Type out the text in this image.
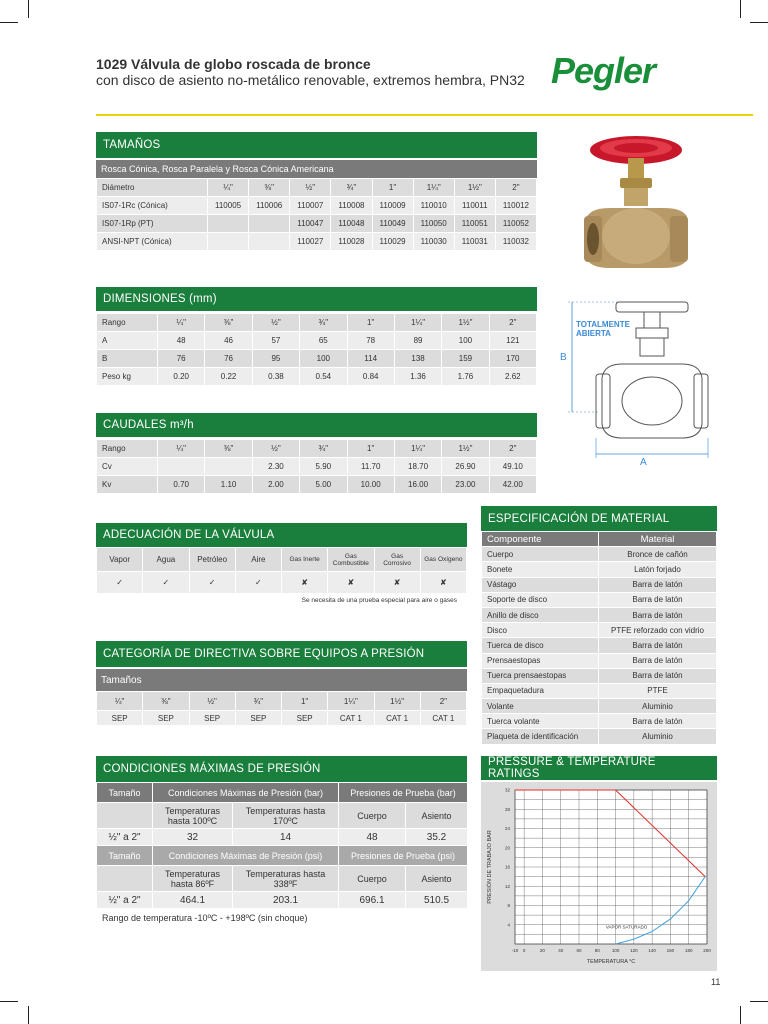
1029 Válvula de globo roscada de bronce
con disco de asiento no-metálico renovable, extremos hembra, PN32 Pegler
TAMAÑOS
Rosca Cónica, Rosca Paralela y Rosca Cónica Americana
Diámetro	¼"	⅜"	½"	¾"	1"	1¼"	1½"	2"
IS07-1Rc (Cónica)	110005	110006	110007	110008	110009	110010	110011	110012
IS07-1Rp (PT)			110047	110048	110049	110050	110051	110052
ANSI-NPT (Cónica)			110027	110028	110029	110030	110031	110032
DIMENSIONES (mm)
Rango	¼"	⅜"	½"	¾"	1"	1¼"	1½"	2"
A	48	46	57	65	78	89	100	121
B	76	76	95	100	114	138	159	170
Peso kg	0.20	0.22	0.38	0.54	0.84	1.36	1.76	2.62
CAUDALES m³/h
Rango	¼"	⅜"	½"	¾"	1"	1¼"	1½"	2"
Cv			2.30	5.90	11.70	18.70	26.90	49.10
Kv	0.70	1.10	2.00	5.00	10.00	16.00	23.00	42.00
ADECUACIÓN DE LA VÁLVULA
Vapor	Agua	Petróleo	Aire	Gas Inerte	Gas Combustible	Gas Corrosivo	Gas Oxígeno
✓	✓	✓	✓	✘	✘	✘	✘
Se necesita de una prueba especial para aire o gases
CATEGORÍA DE DIRECTIVA SOBRE EQUIPOS A PRESIÓN
Tamaños
¼"	⅜"	½"	¾"	1"	1¼"	1½"	2"
SEP	SEP	SEP	SEP	SEP	CAT 1	CAT 1	CAT 1
ESPECIFICACIÓN DE MATERIAL
Componente	Material
Cuerpo	Bronce de cañón
Bonete	Latón forjado
Vástago	Barra de latón
Soporte de disco	Barra de latón
Anillo de disco	Barra de latón
Disco	PTFE reforzado con vidrio
Tuerca de disco	Barra de latón
Prensaestopas	Barra de latón
Tuerca prensaestopas	Barra de latón
Empaquetadura	PTFE
Volante	Aluminio
Tuerca volante	Barra de latón
Plaqueta de identificación	Aluminio
CONDICIONES MÁXIMAS DE PRESIÓN
Tamaño	Condiciones Máximas de Presión (bar)		Presiones de Prueba (bar)	
	Temperaturas hasta 100ºC	Temperaturas hasta 170ºC	Cuerpo	Asiento
½" a 2"	32	14	48	35.2
Tamaño	Condiciones Máximas de Presión (psi)		Presiones de Prueba (psi)	
	Temperaturas hasta 86ºF	Temperaturas hasta 338ºF	Cuerpo	Asiento
½" a 2"	464.1	203.1	696.1	510.5
Rango de temperatura -10ºC - +198ºC (sin choque)
PRESSURE & TEMPERATURE RATINGS
-10 0	20	40	60	80	100 120 140 160 180 200
4
8
12
16
20
24
28
32
VAPOR SATURADO
TEMPERATURA °C
PRESIÓN DE TRABAJO BAR
TOTALMENTE ABIERTA
B
A
11
